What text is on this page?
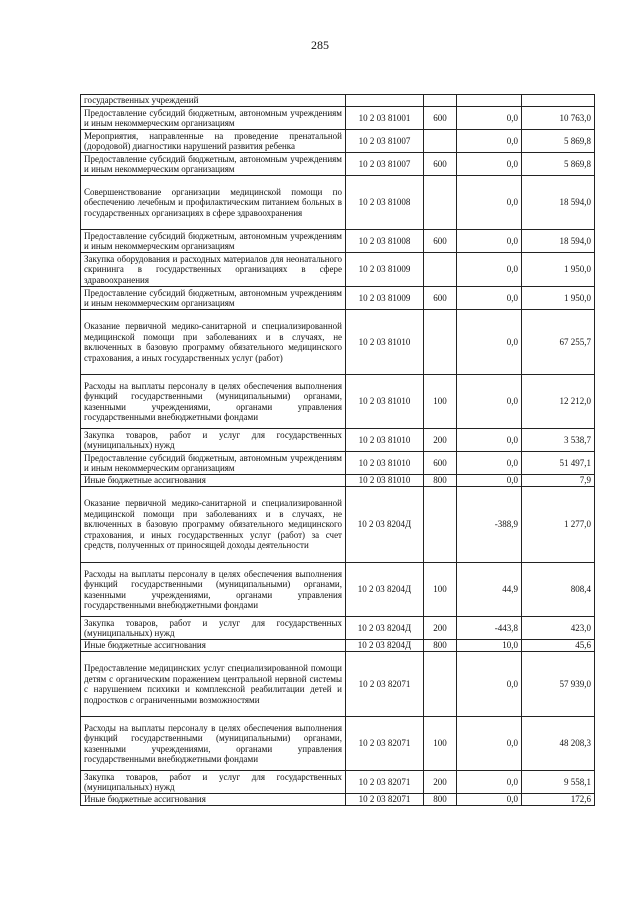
285
государственных учреждений				
Предоставление субсидий бюджетным, автономным учреждениям и иным некоммерческим организациям	10 2 03 81001	600	0,0	10 763,0
Мероприятия, направленные на проведение пренатальной (дородовой) диагностики нарушений развития ребенка	10 2 03 81007		0,0	5 869,8
Предоставление субсидий бюджетным, автономным учреждениям и иным некоммерческим организациям	10 2 03 81007	600	0,0	5 869,8
Совершенствование организации медицинской помощи по обеспечению лечебным и профилактическим питанием больных в государственных организациях в сфере здравоохранения	10 2 03 81008		0,0	18 594,0
Предоставление субсидий бюджетным, автономным учреждениям и иным некоммерческим организациям	10 2 03 81008	600	0,0	18 594,0
Закупка оборудования и расходных материалов для неонатального скрининга в государственных организациях в сфере здравоохранения	10 2 03 81009		0,0	1 950,0
Предоставление субсидий бюджетным, автономным учреждениям и иным некоммерческим организациям	10 2 03 81009	600	0,0	1 950,0
Оказание первичной медико-санитарной и специализированной медицинской помощи при заболеваниях и в случаях, не включенных в базовую программу обязательного медицинского страхования, а иных государственных услуг (работ)	10 2 03 81010		0,0	67 255,7
Расходы на выплаты персоналу в целях обеспечения выполнения функций государственными (муниципальными) органами, казенными учреждениями, органами управления государственными внебюджетными фондами	10 2 03 81010	100	0,0	12 212,0
Закупка товаров, работ и услуг для государственных (муниципальных) нужд	10 2 03 81010	200	0,0	3 538,7
Предоставление субсидий бюджетным, автономным учреждениям и иным некоммерческим организациям	10 2 03 81010	600	0,0	51 497,1
Иные бюджетные ассигнования	10 2 03 81010	800	0,0	7,9
Оказание первичной медико-санитарной и специализированной медицинской помощи при заболеваниях и в случаях, не включенных в базовую программу обязательного медицинского страхования, и иных государственных услуг (работ) за счет средств, полученных от приносящей доходы деятельности	10 2 03 8204Д		-388,9	1 277,0
Расходы на выплаты персоналу в целях обеспечения выполнения функций государственными (муниципальными) органами, казенными учреждениями, органами управления государственными внебюджетными фондами	10 2 03 8204Д	100	44,9	808,4
Закупка товаров, работ и услуг для государственных (муниципальных) нужд	10 2 03 8204Д	200	-443,8	423,0
Иные бюджетные ассигнования	10 2 03 8204Д	800	10,0	45,6
Предоставление медицинских услуг специализированной помощи детям с органическим поражением центральной нервной системы с нарушением психики и комплексной реабилитации детей и подростков с ограниченными возможностями	10 2 03 82071		0,0	57 939,0
Расходы на выплаты персоналу в целях обеспечения выполнения функций государственными (муниципальными) органами, казенными учреждениями, органами управления государственными внебюджетными фондами	10 2 03 82071	100	0,0	48 208,3
Закупка товаров, работ и услуг для государственных (муниципальных) нужд	10 2 03 82071	200	0,0	9 558,1
Иные бюджетные ассигнования	10 2 03 82071	800	0,0	172,6
